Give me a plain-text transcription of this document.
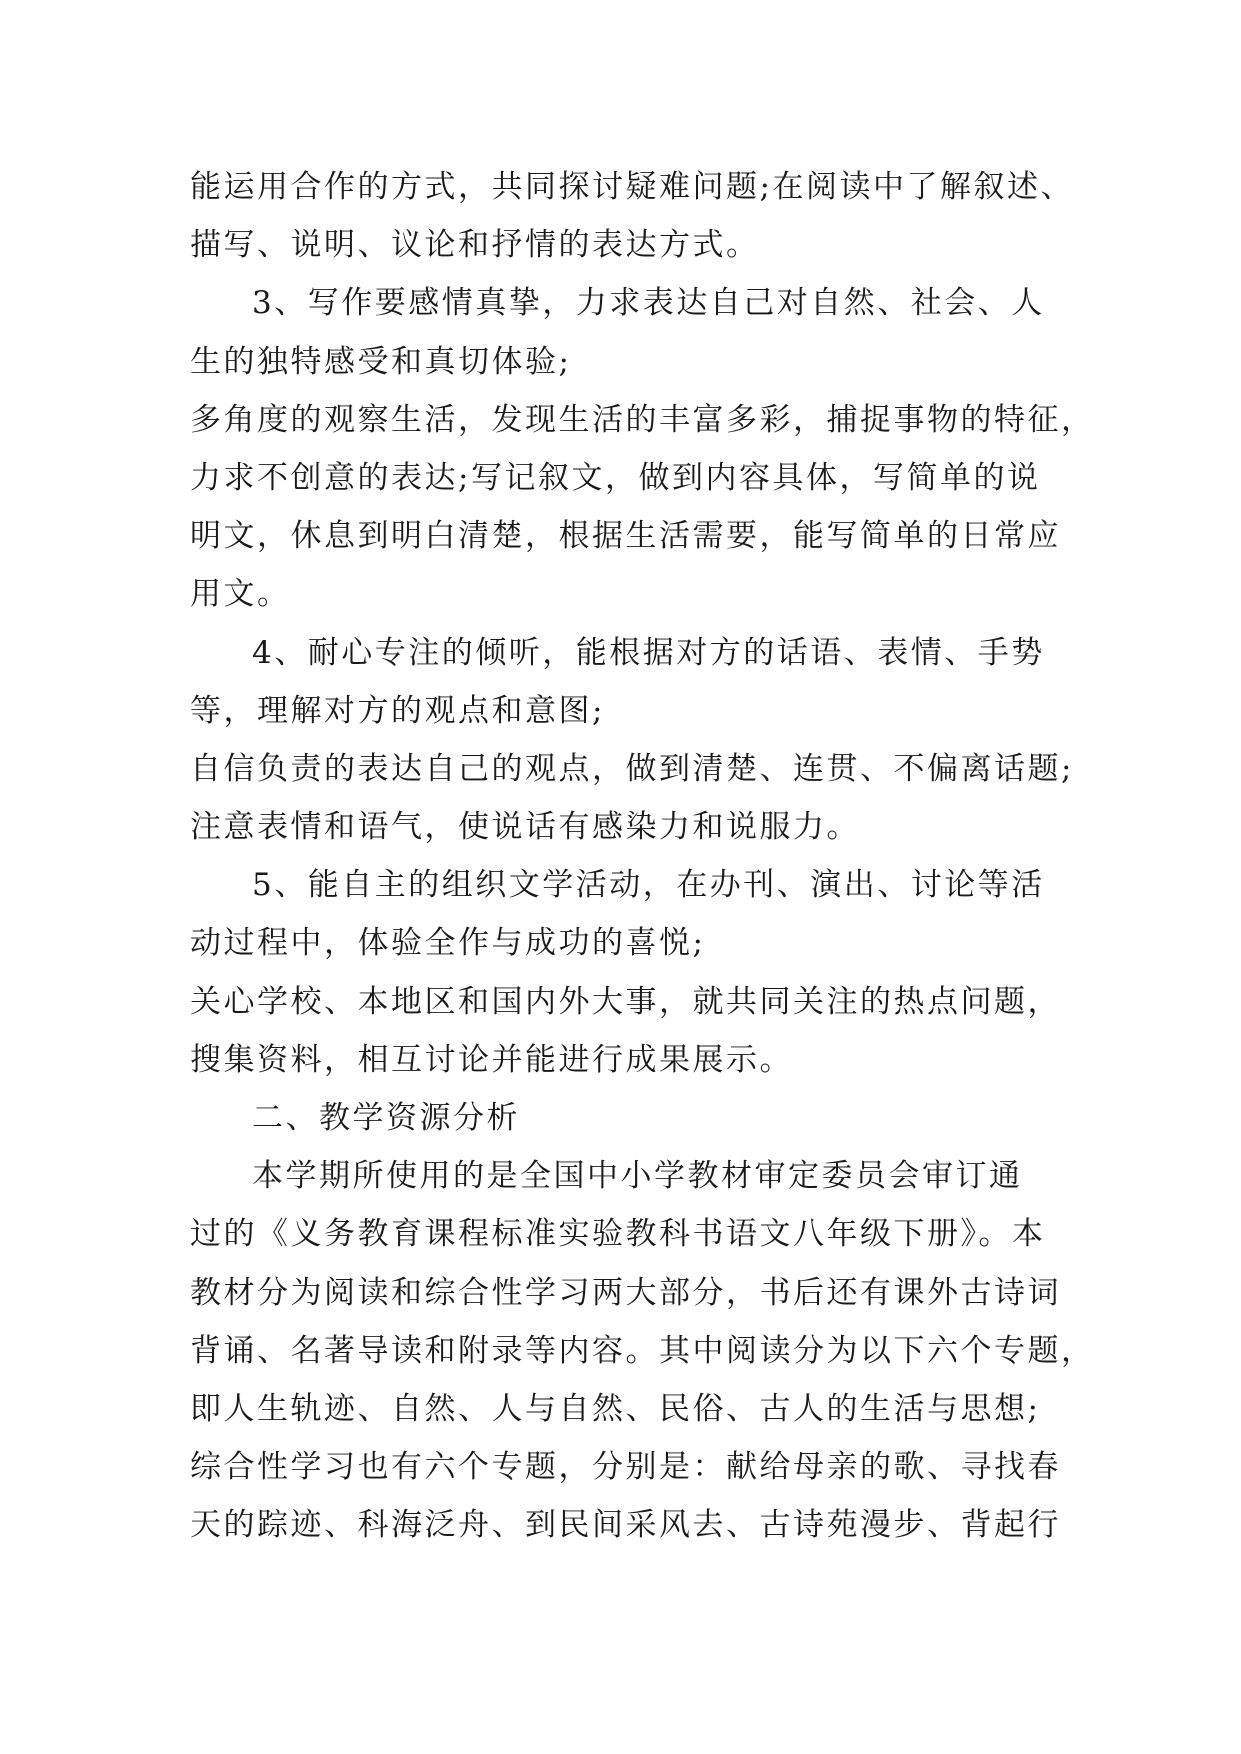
能运用合作的方式，共同探讨疑难问题;在阅读中了解叙述、
描写、说明、议论和抒情的表达方式。
3、写作要感情真挚，力求表达自己对自然、社会、人
生的独特感受和真切体验;
多角度的观察生活，发现生活的丰富多彩，捕捉事物的特征，
力求不创意的表达;写记叙文，做到内容具体，写简单的说
明文，休息到明白清楚，根据生活需要，能写简单的日常应
用文。
4、耐心专注的倾听，能根据对方的话语、表情、手势
等，理解对方的观点和意图;
自信负责的表达自己的观点，做到清楚、连贯、不偏离话题;
注意表情和语气，使说话有感染力和说服力。
5、能自主的组织文学活动，在办刊、演出、讨论等活
动过程中，体验全作与成功的喜悦;
关心学校、本地区和国内外大事，就共同关注的热点问题，
搜集资料，相互讨论并能进行成果展示。
二、教学资源分析
本学期所使用的是全国中小学教材审定委员会审订通
过的《义务教育课程标准实验教科书语文八年级下册》。本
教材分为阅读和综合性学习两大部分，书后还有课外古诗词
背诵、名著导读和附录等内容。其中阅读分为以下六个专题，
即人生轨迹、自然、人与自然、民俗、古人的生活与思想;
综合性学习也有六个专题，分别是：献给母亲的歌、寻找春
天的踪迹、科海泛舟、到民间采风去、古诗苑漫步、背起行
